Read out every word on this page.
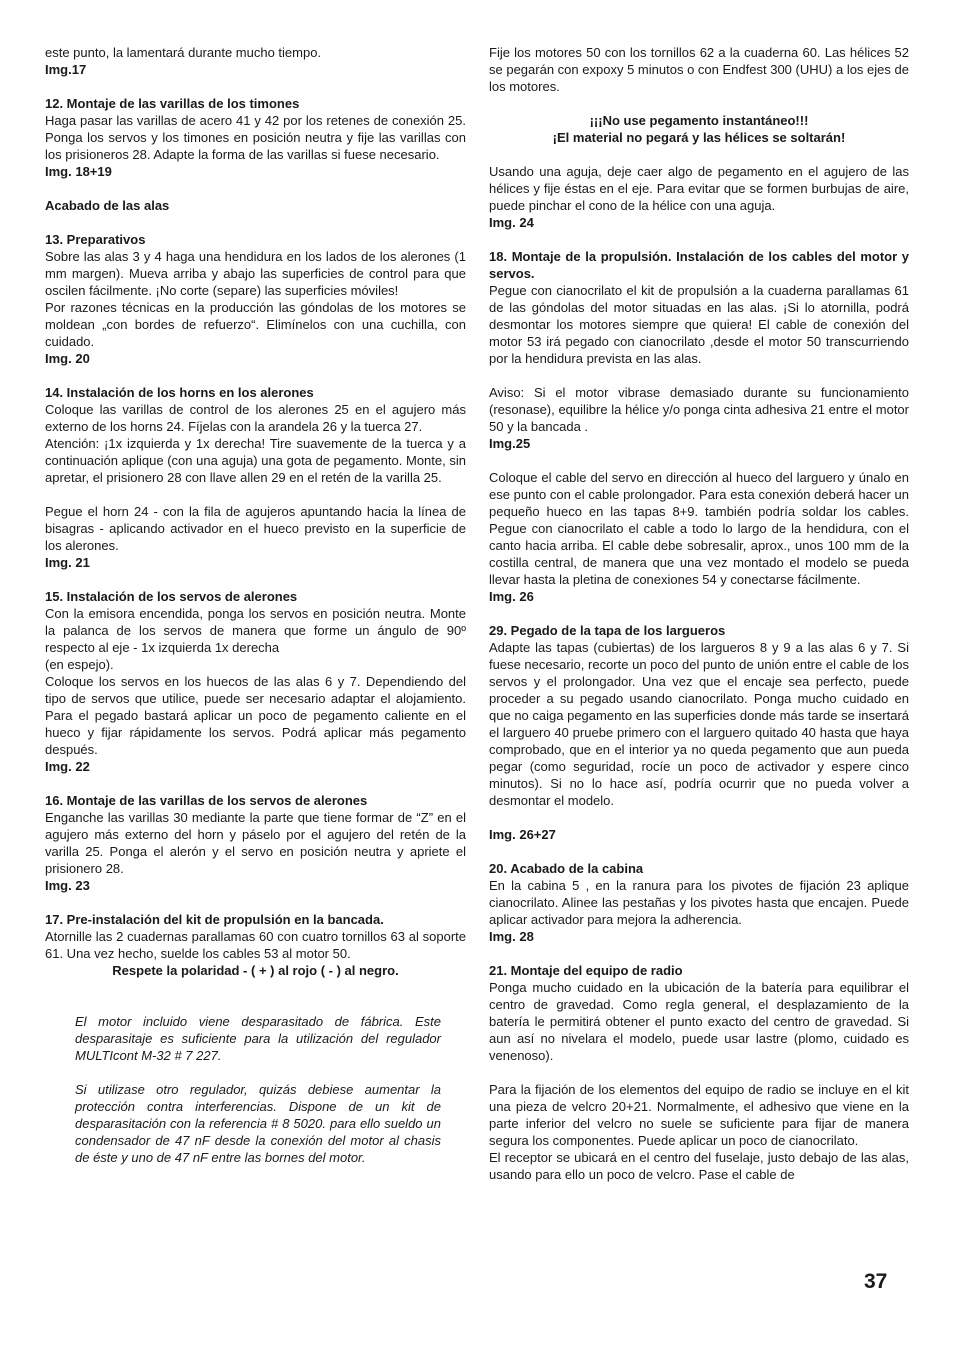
este punto, la lamentará durante mucho tiempo.

Img.17

12. Montaje de las varillas de los timones

Haga pasar las varillas de acero 41 y 42 por los retenes de conexión 25. Ponga los servos y los timones en posición neutra y fije las varillas con los prisioneros 28. Adapte la forma de las varillas si fuese necesario.

Img. 18+19

Acabado de las alas

13. Preparativos

Sobre las alas 3 y 4 haga una hendidura en los lados de los alerones (1 mm margen). Mueva arriba y abajo las superficies de control para que oscilen fácilmente. ¡No corte (separe) las superficies móviles!

Por razones técnicas en la producción las góndolas de los motores se moldean „con bordes de refuerzo“. Elimínelos con una cuchilla, con cuidado.

Img. 20

14. Instalación de los horns en los alerones

Coloque las varillas de control de los alerones 25 en el agujero más externo de los horns 24. Fíjelas con la arandela 26 y la tuerca 27.

Atención: ¡1x izquierda y 1x derecha! Tire suavemente de la tuerca y a continuación aplique (con una aguja) una gota de pegamento. Monte, sin apretar, el prisionero 28 con llave allen 29 en el retén de la varilla 25.

Pegue el horn 24 - con la fila de agujeros apuntando hacia la línea de bisagras - aplicando activador en el hueco previsto en la superficie de los alerones.

Img. 21

15. Instalación de los servos de alerones

Con la emisora encendida, ponga los servos en posición neutra. Monte la palanca de los servos de manera que forme un ángulo de 90º respecto al eje - 1x izquierda 1x derecha

(en espejo).

Coloque los servos en los huecos de las alas 6 y 7. Dependiendo del tipo de servos que utilice, puede ser necesario adaptar el alojamiento. Para el pegado bastará aplicar un poco de pegamento caliente en el hueco y fijar rápidamente los servos. Podrá aplicar más pegamento después.

Img. 22

16. Montaje de las varillas de los servos de alerones

Enganche las varillas 30 mediante la parte que tiene formar de “Z” en el agujero más externo del horn y páselo por el agujero del retén de la varilla 25. Ponga el alerón y el servo en posición neutra y apriete el prisionero 28.

Img. 23

17. Pre-instalación del kit de propulsión en la bancada.

Atornille las 2 cuadernas parallamas 60 con cuatro tornillos 63 al soporte 61. Una vez hecho, suelde los cables 53 al motor 50.

Respete la polaridad - ( + ) al rojo ( - ) al negro.

El motor incluido viene desparasitado de fábrica. Este desparasitaje es suficiente para la utilización del regulador MULTIcont M-32 # 7 227.

Si utilizase otro regulador, quizás debiese aumentar la protección contra interferencias. Dispone de un kit de desparasitación con la referencia # 8 5020. para ello sueldo un condensador de 47 nF desde la conexión del motor al chasis de éste y uno de 47 nF entre las bornes del motor.

Fije los motores 50 con los tornillos 62 a la cuaderna 60. Las hélices 52 se pegarán con expoxy 5 minutos o con Endfest 300 (UHU) a los ejes de los motores.

¡¡¡No use pegamento instantáneo!!!

¡El material no pegará y las hélices se soltarán!

Usando una aguja, deje caer algo de pegamento en el agujero de las hélices y fije éstas en el eje. Para evitar que se formen burbujas de aire, puede pinchar el cono de la hélice con una aguja.

Img. 24

18. Montaje de la propulsión. Instalación de los cables del motor y servos.

Pegue con cianocrilato el kit de propulsión a la cuaderna parallamas 61 de las góndolas del motor situadas en las alas. ¡Si lo atornilla, podrá desmontar los motores siempre que quiera! El cable de conexión del motor 53 irá pegado con cianocrilato ,desde el motor 50 transcurriendo por la hendidura prevista en las alas.

Aviso: Si el motor vibrase demasiado durante su funcionamiento (resonase), equilibre la hélice y/o ponga cinta adhesiva 21 entre el motor 50 y la bancada .

Img.25

Coloque el cable del servo en dirección al hueco del larguero y únalo en ese punto con el cable prolongador. Para esta conexión deberá hacer un pequeño hueco en las tapas 8+9. también podría soldar los cables. Pegue con cianocrilato el cable a todo lo largo de la hendidura, con el canto hacia arriba. El cable debe sobresalir, aprox., unos 100 mm de la costilla central, de manera que una vez montado el modelo se pueda llevar hasta la pletina de conexiones 54 y conectarse fácilmente.

Img. 26

29. Pegado de la tapa de los largueros

Adapte las tapas (cubiertas) de los largueros 8 y 9 a las alas 6 y 7. Si fuese necesario, recorte un poco del punto de unión entre el cable de los servos y el prolongador. Una vez que el encaje sea perfecto, puede proceder a su pegado usando cianocrilato. Ponga mucho cuidado en que no caiga pegamento en las superficies donde más tarde se insertará el larguero 40 pruebe primero con el larguero quitado 40 hasta que haya comprobado, que en el interior ya no queda pegamento que aun pueda pegar (como seguridad, rocíe un poco de activador y espere cinco minutos). Si no lo hace así, podría ocurrir que no pueda volver a desmontar el modelo.

Img. 26+27

20. Acabado de la cabina

En la cabina 5 , en la ranura para los pivotes de fijación 23 aplique cianocrilato. Alinee las pestañas y los pivotes hasta que encajen. Puede aplicar activador para mejora la adherencia.

Img. 28

21. Montaje del equipo de radio

Ponga mucho cuidado en la ubicación de la batería para equilibrar el centro de gravedad. Como regla general, el desplazamiento de la batería le permitirá obtener el punto exacto del centro de gravedad. Si aun así no nivelara el modelo, puede usar lastre (plomo, cuidado es venenoso).

Para la fijación de los elementos del equipo de radio se incluye en el kit una pieza de velcro 20+21. Normalmente, el adhesivo que viene en la parte inferior del velcro no suele se suficiente para fijar de manera segura los componentes. Puede aplicar un poco de cianocrilato.

El receptor se ubicará en el centro del fuselaje, justo debajo de las alas, usando para ello un poco de velcro. Pase el cable de

37
